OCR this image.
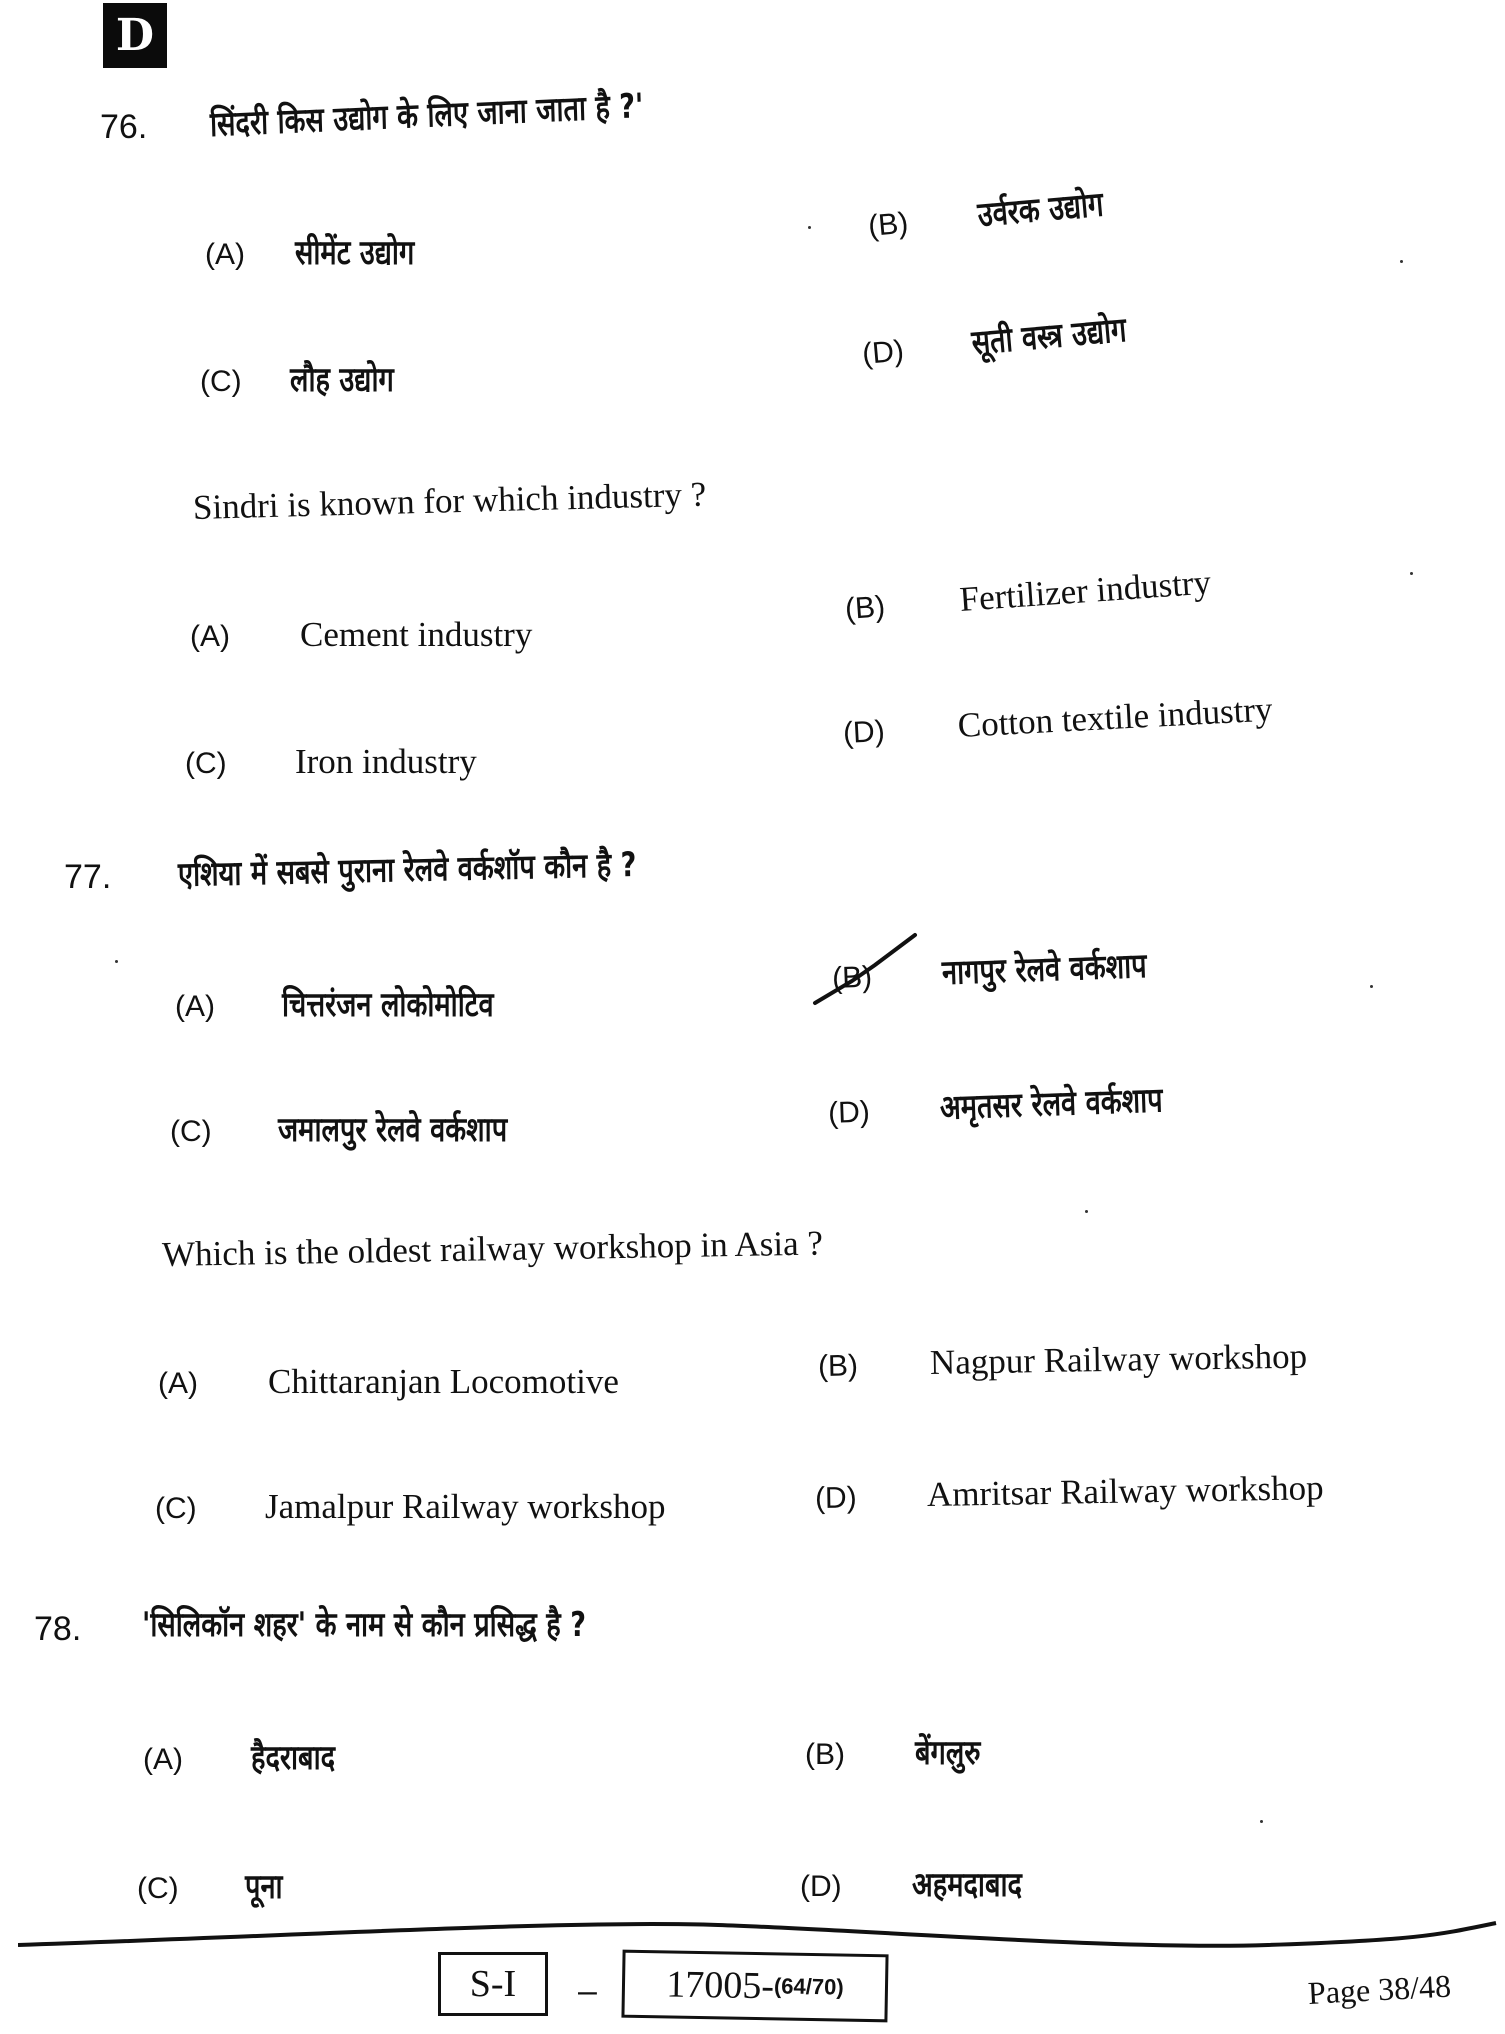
D
76. सिंदरी किस उद्योग के लिए जाना जाता है ?'
(A)	सीमेंट उद्योग
(B)	उर्वरक उद्योग
(C)	लौह उद्योग
(D)	सूती वस्त्र उद्योग
Sindri is known for which industry ?
(A)	Cement industry
(B)	Fertilizer industry
(C)	Iron industry
(D)	Cotton textile industry
77. एशिया में सबसे पुराना रेलवे वर्कशॉप कौन है ?
(A)	चित्तरंजन लोकोमोटिव
(B)	नागपुर रेलवे वर्कशाप
(C)	जमालपुर रेलवे वर्कशाप	(D)	अमृतसर रेलवे वर्कशाप
Which is the oldest railway workshop in Asia ?
(A)	Chittaranjan Locomotive	(B)	Nagpur Railway workshop
(C)	Jamalpur Railway workshop	(D)	Amritsar Railway workshop
78. 'सिलिकॉन शहर' के नाम से कौन प्रसिद्ध है ?
(A)	हैदराबाद	(B)	बेंगलुरु
(C)	पूना	(D)	अहमदाबाद
S-I – 17005- (64/70)	Page 38/48
